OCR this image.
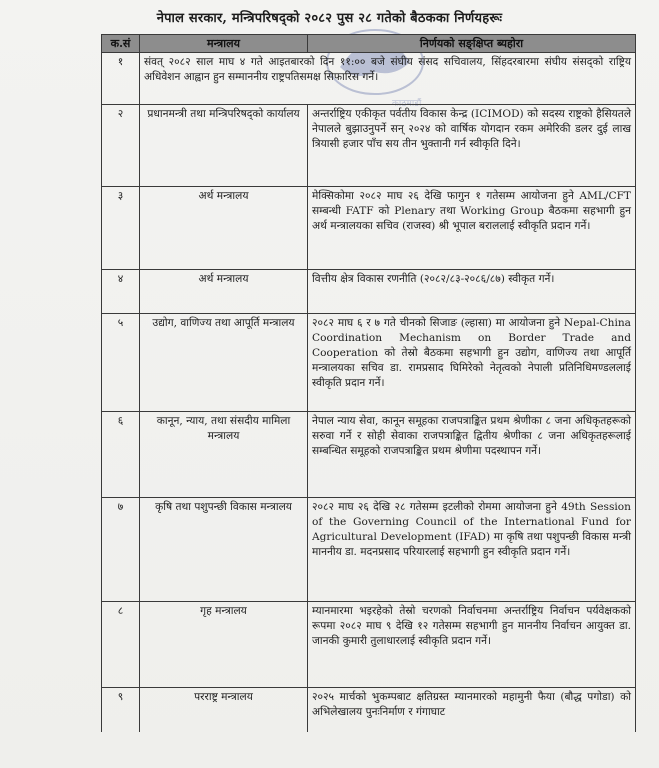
नेपाल सरकार, मन्त्रिपरिषद्को २०८२ पुस २८ गतेको बैठकका निर्णयहरूः
काठमाडौं
क.सं	मन्त्रालय	निर्णयको सङ्क्षिप्त ब्यहोरा
१	संवत् २०८२ साल माघ ४ गते आइतबारको दिन ११:०० बजे संघीय संसद सचिवालय, सिंहदरबारमा संघीय संसद्को राष्ट्रिय अधिवेशन आह्वान हुन सम्माननीय राष्ट्रपतिसमक्ष सिफारिस गर्ने।	
२	प्रधानमन्त्री तथा मन्त्रिपरिषद्को कार्यालय	अन्तर्राष्ट्रिय एकीकृत पर्वतीय विकास केन्द्र (ICIMOD) को सदस्य राष्ट्रको हैसियतले नेपालले बुझाउनुपर्ने सन् २०२४ को वार्षिक योगदान रकम अमेरिकी डलर दुई लाख त्रियासी हजार पाँच सय तीन भुक्तानी गर्न स्वीकृति दिने।
३	अर्थ मन्त्रालय	मेक्सिकोमा २०८२ माघ २६ देखि फागुन १ गतेसम्म आयोजना हुने AML/CFT सम्बन्धी FATF को Plenary तथा Working Group बैठकमा सहभागी हुन अर्थ मन्त्रालयका सचिव (राजस्व) श्री भूपाल बराललाई स्वीकृति प्रदान गर्ने।
४	अर्थ मन्त्रालय	वित्तीय क्षेत्र विकास रणनीति (२०८२/८३-२०८६/८७) स्वीकृत गर्ने।
५	उद्योग, वाणिज्य तथा आपूर्ति मन्त्रालय	२०८२ माघ ६ र ७ गते चीनको सिजाङ (ल्हासा) मा आयोजना हुने Nepal-China Coordination Mechanism on Border Trade and Cooperation को तेस्रो बैठकमा सहभागी हुन उद्योग, वाणिज्य तथा आपूर्ति मन्त्रालयका सचिव डा. रामप्रसाद घिमिरेको नेतृत्वको नेपाली प्रतिनिधिमण्डललाई स्वीकृति प्रदान गर्ने।
६	कानून, न्याय, तथा संसदीय मामिला मन्त्रालय	नेपाल न्याय सेवा, कानून समूहका राजपत्राङ्कित प्रथम श्रेणीका ८ जना अधिकृतहरूको सरुवा गर्ने र सोही सेवाका राजपत्राङ्कित द्वितीय श्रेणीका ८ जना अधिकृतहरूलाई सम्बन्धित समूहको राजपत्राङ्कित प्रथम श्रेणीमा पदस्थापन गर्ने।
७	कृषि तथा पशुपन्छी विकास मन्त्रालय	२०८२ माघ २६ देखि २८ गतेसम्म इटलीको रोममा आयोजना हुने 49th Session of the Governing Council of the International Fund for Agricultural Development (IFAD) मा कृषि तथा पशुपन्छी विकास मन्त्री माननीय डा. मदनप्रसाद परियारलाई सहभागी हुन स्वीकृति प्रदान गर्ने।
८	गृह मन्त्रालय	म्यानमारमा भइरहेको तेस्रो चरणको निर्वाचनमा अन्तर्राष्ट्रिय निर्वाचन पर्यवेक्षकको रूपमा २०८२ माघ ९ देखि १२ गतेसम्म सहभागी हुन माननीय निर्वाचन आयुक्त डा. जानकी कुमारी तुलाधारलाई स्वीकृति प्रदान गर्ने।
९	परराष्ट्र मन्त्रालय	२०२५ मार्चको भुकम्पबाट क्षतिग्रस्त म्यानमारको महामुनी फैया (बौद्ध पगोडा) को अभिलेखालय पुनःनिर्माण र गंगाघाट
